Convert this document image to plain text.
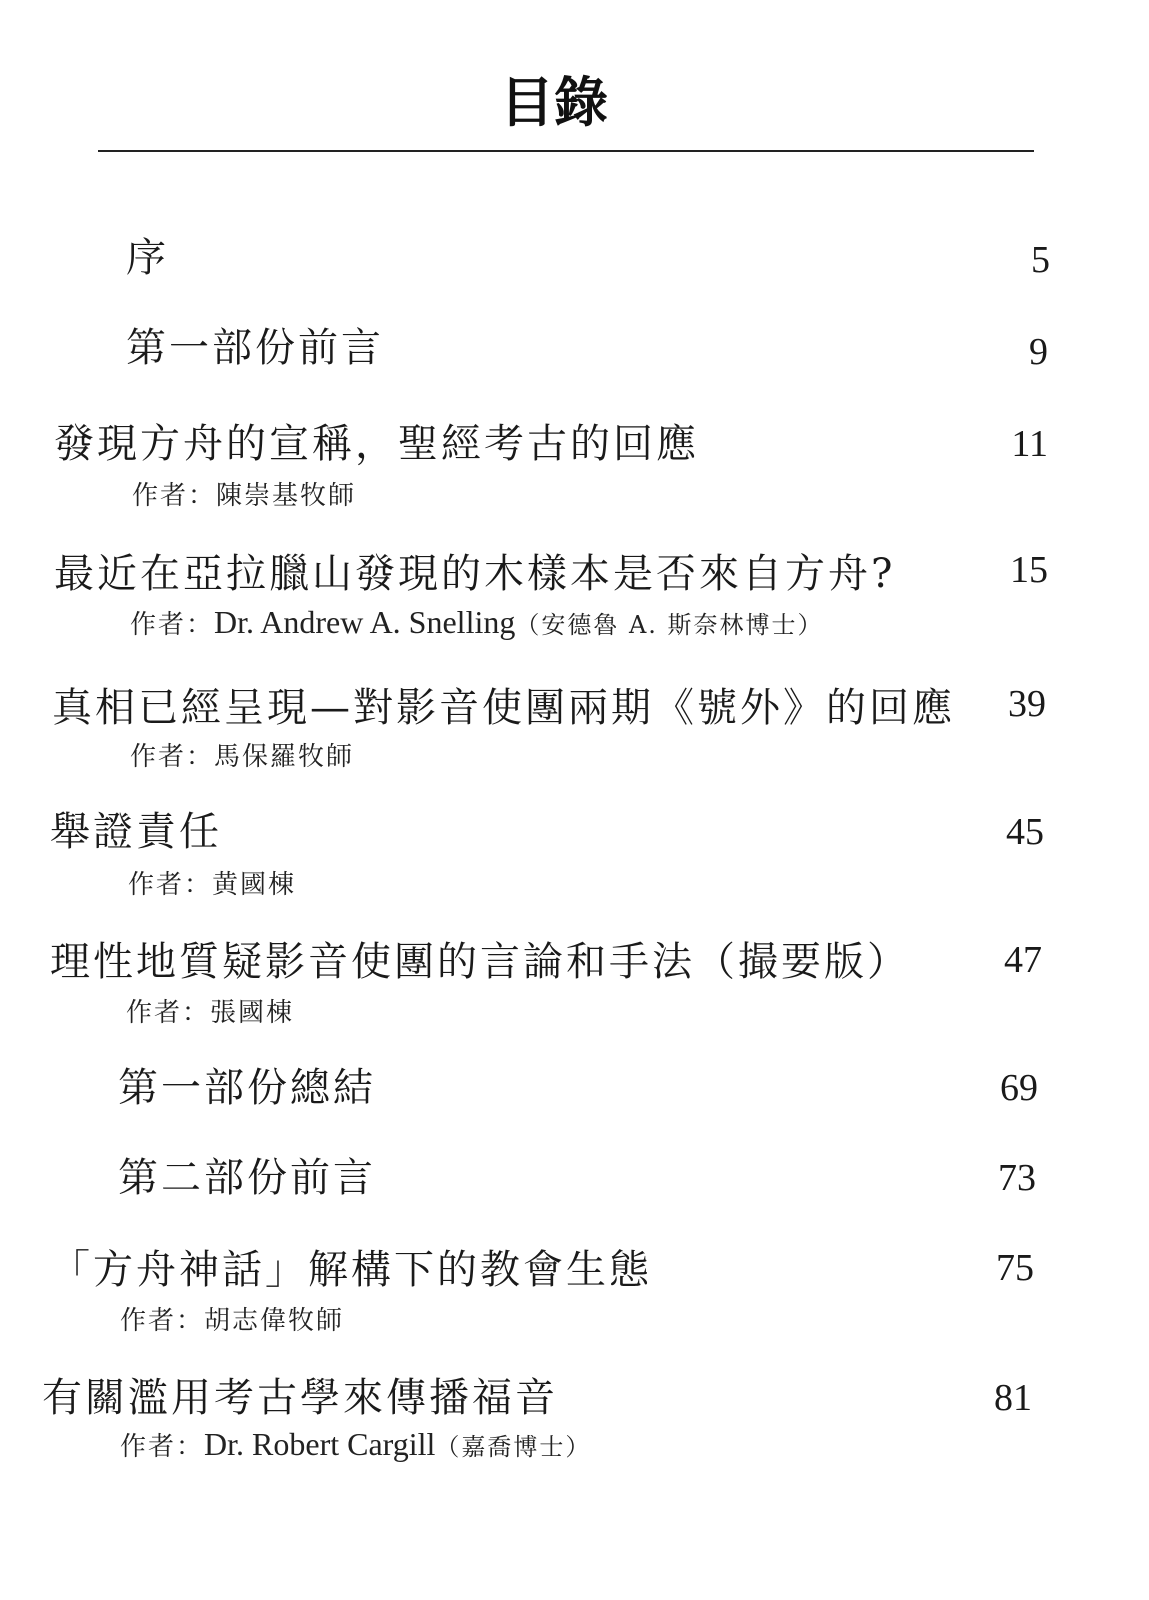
目錄
序	5
第一部份前言	9
發現方舟的宣稱，聖經考古的回應	11
作者：陳崇基牧師
最近在亞拉臘山發現的木樣本是否來自方舟?	15
作者：Dr. Andrew A. Snelling（安德魯 A. 斯奈林博士）
真相已經呈現—對影音使團兩期《號外》的回應	39
作者：馬保羅牧師
舉證責任	45
作者：黄國棟
理性地質疑影音使團的言論和手法（撮要版）	47
作者：張國棟
第一部份總結	69
第二部份前言	73
「方舟神話」解構下的教會生態	75
作者：胡志偉牧師
有關濫用考古學來傳播福音	81
作者：Dr. Robert Cargill（嘉喬博士）
